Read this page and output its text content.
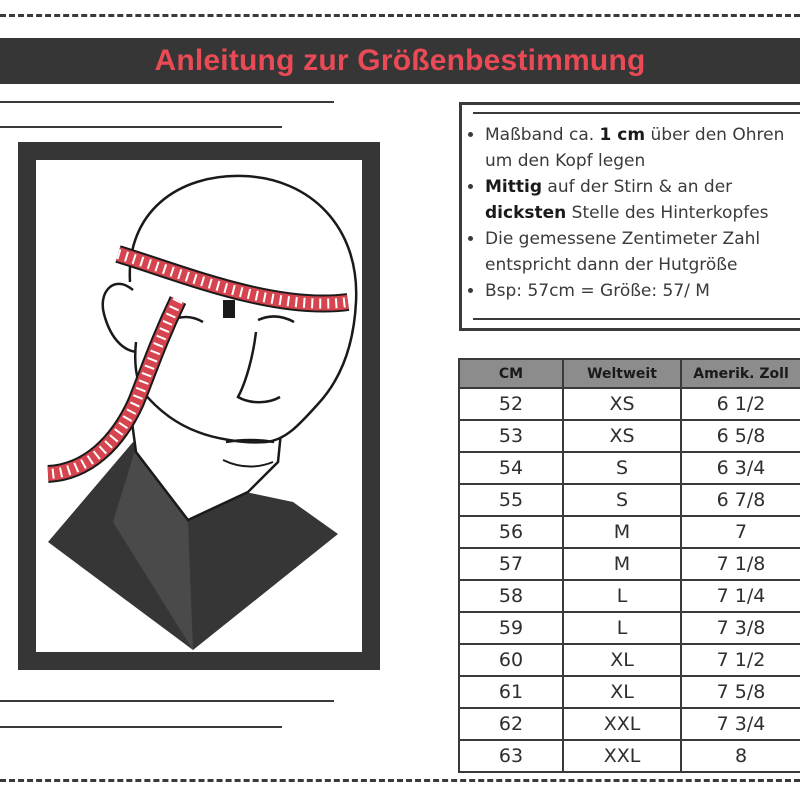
Anleitung zur Größenbestimmung
• Maßband ca. 1 cm über den Ohren um den Kopf legen
• Mittig auf der Stirn & an der dicksten Stelle des Hinterkopfes
• Die gemessene Zentimeter Zahl entspricht dann der Hutgröße
• Bsp: 57cm = Größe: 57/ M
CM	Weltweit	Amerik. Zoll
52	XS	6 1/2
53	XS	6 5/8
54	S	6 3/4
55	S	6 7/8
56	M	7
57	M	7 1/8
58	L	7 1/4
59	L	7 3/8
60	XL	7 1/2
61	XL	7 5/8
62	XXL	7 3/4
63	XXL	8
